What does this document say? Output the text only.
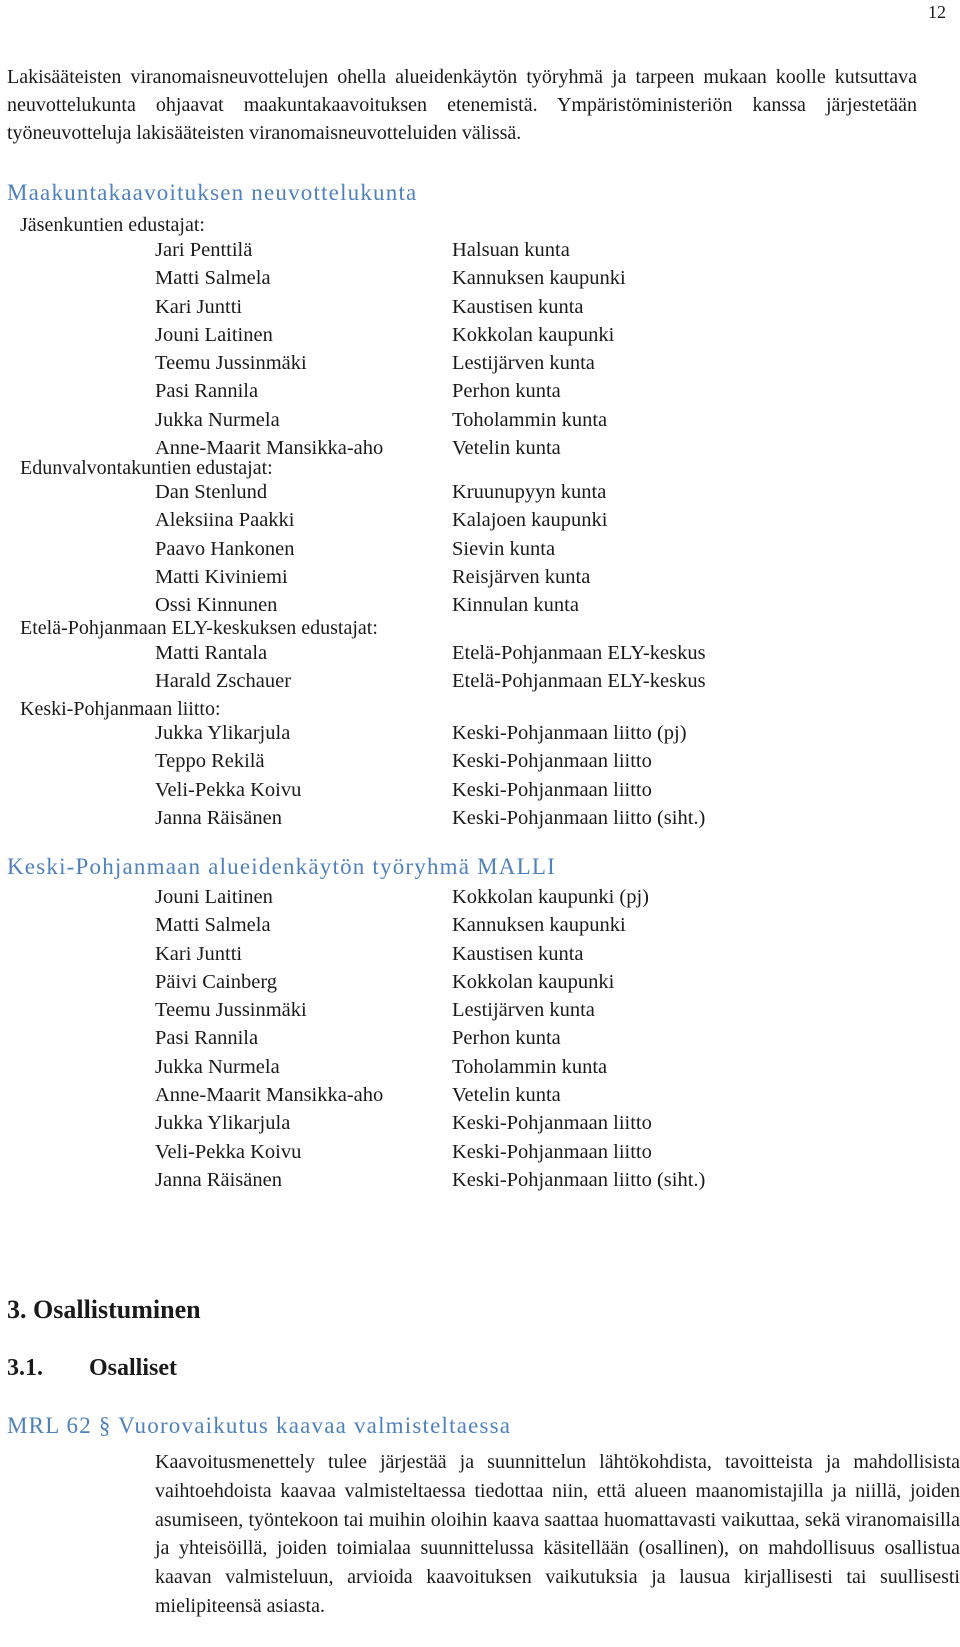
12

Lakisääteisten viranomaisneuvottelujen ohella alueidenkäytön työryhmä ja tarpeen mukaan koolle kutsuttava neuvottelukunta ohjaavat maakuntakaavoituksen etenemistä. Ympäristöministeriön kanssa järjestetään työneuvotteluja lakisääteisten viranomaisneuvotteluiden välissä.

Maakuntakaavoituksen neuvottelukunta
Jäsenkuntien edustajat:
Jari Penttilä	Halsuan kunta
Matti Salmela	Kannuksen kaupunki
Kari Juntti	Kaustisen kunta
Jouni Laitinen	Kokkolan kaupunki
Teemu Jussinmäki	Lestijärven kunta
Pasi Rannila	Perhon kunta
Jukka Nurmela	Toholammin kunta
Anne-Maarit Mansikka-aho	Vetelin kunta
Edunvalvontakuntien edustajat:
Dan Stenlund	Kruunupyyn kunta
Aleksiina Paakki	Kalajoen kaupunki
Paavo Hankonen	Sievin kunta
Matti Kiviniemi	Reisjärven kunta
Ossi Kinnunen	Kinnulan kunta
Etelä-Pohjanmaan ELY-keskuksen edustajat:
Matti Rantala	Etelä-Pohjanmaan ELY-keskus
Harald Zschauer	Etelä-Pohjanmaan ELY-keskus
Keski-Pohjanmaan liitto:
Jukka Ylikarjula	Keski-Pohjanmaan liitto (pj)
Teppo Rekilä	Keski-Pohjanmaan liitto
Veli-Pekka Koivu	Keski-Pohjanmaan liitto
Janna Räisänen	Keski-Pohjanmaan liitto (siht.)
Keski-Pohjanmaan alueidenkäytön työryhmä MALLI
Jouni Laitinen	Kokkolan kaupunki (pj)
Matti Salmela	Kannuksen kaupunki
Kari Juntti	Kaustisen kunta
Päivi Cainberg	Kokkolan kaupunki
Teemu Jussinmäki	Lestijärven kunta
Pasi Rannila	Perhon kunta
Jukka Nurmela	Toholammin kunta
Anne-Maarit Mansikka-aho	Vetelin kunta
Jukka Ylikarjula	Keski-Pohjanmaan liitto
Veli-Pekka Koivu	Keski-Pohjanmaan liitto
Janna Räisänen	Keski-Pohjanmaan liitto (siht.)
3. Osallistuminen
3.1. Osalliset
MRL 62 § Vuorovaikutus kaavaa valmisteltaessa

Kaavoitusmenettely tulee järjestää ja suunnittelun lähtökohdista, tavoitteista ja mahdollisista vaihtoehdoista kaavaa valmisteltaessa tiedottaa niin, että alueen maanomistajilla ja niillä, joiden asumiseen, työntekoon tai muihin oloihin kaava saattaa huomattavasti vaikuttaa, sekä viranomaisilla ja yhteisöillä, joiden toimialaa suunnittelussa käsitellään (osallinen), on mahdollisuus osallistua kaavan valmisteluun, arvioida kaavoituksen vaikutuksia ja lausua kirjallisesti tai suullisesti mielipiteensä asiasta.
